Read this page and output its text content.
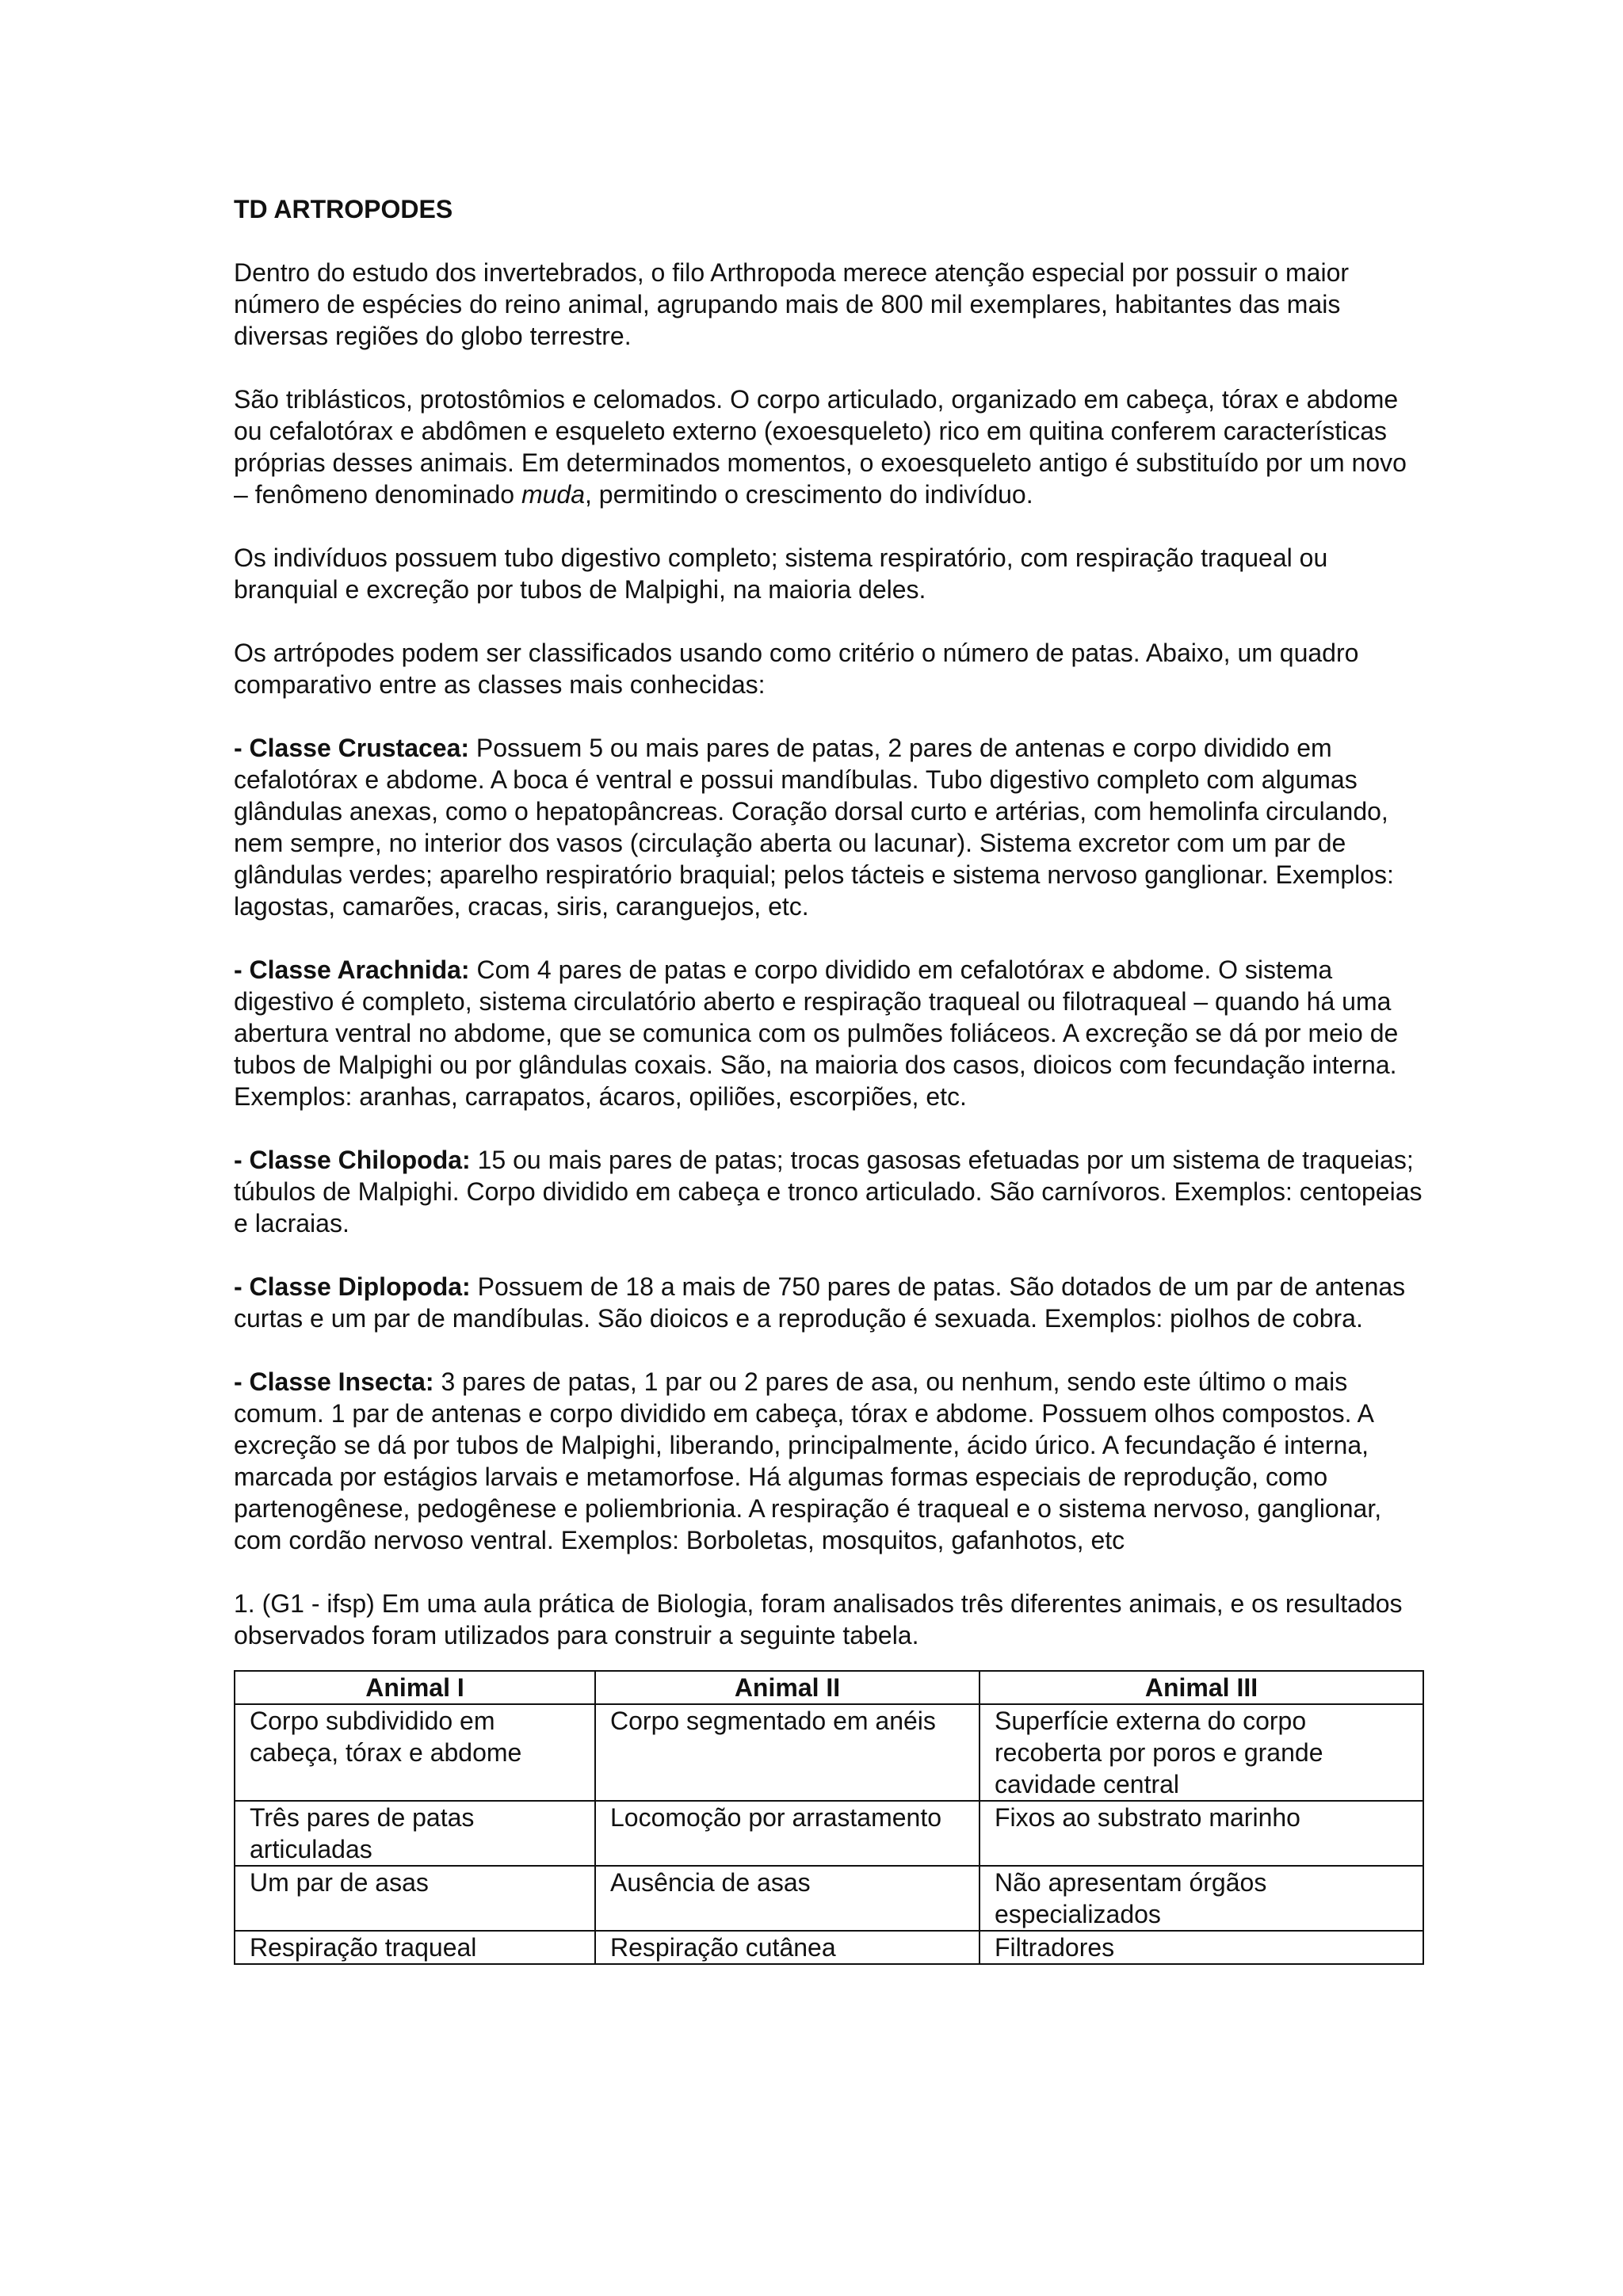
TD ARTROPODES

Dentro do estudo dos invertebrados, o filo Arthropoda merece atenção especial por possuir o maior número de espécies do reino animal, agrupando mais de 800 mil exemplares, habitantes das mais diversas regiões do globo terrestre.

São triblásticos, protostômios e celomados. O corpo articulado, organizado em cabeça, tórax e abdome ou cefalotórax e abdômen e esqueleto externo (exoesqueleto) rico em quitina conferem características próprias desses animais. Em determinados momentos, o exoesqueleto antigo é substituído por um novo – fenômeno denominado muda, permitindo o crescimento do indivíduo.

Os indivíduos possuem tubo digestivo completo; sistema respiratório, com respiração traqueal ou branquial e excreção por tubos de Malpighi, na maioria deles.

Os artrópodes podem ser classificados usando como critério o número de patas. Abaixo, um quadro comparativo entre as classes mais conhecidas:

- Classe Crustacea: Possuem 5 ou mais pares de patas, 2 pares de antenas e corpo dividido em cefalotórax e abdome. A boca é ventral e possui mandíbulas. Tubo digestivo completo com algumas glândulas anexas, como o hepatopâncreas. Coração dorsal curto e artérias, com hemolinfa circulando, nem sempre, no interior dos vasos (circulação aberta ou lacunar). Sistema excretor com um par de glândulas verdes; aparelho respiratório braquial; pelos tácteis e sistema nervoso ganglionar. Exemplos: lagostas, camarões, cracas, siris, caranguejos, etc.

- Classe Arachnida: Com 4 pares de patas e corpo dividido em cefalotórax e abdome. O sistema digestivo é completo, sistema circulatório aberto e respiração traqueal ou filotraqueal – quando há uma abertura ventral no abdome, que se comunica com os pulmões foliáceos. A excreção se dá por meio de tubos de Malpighi ou por glândulas coxais. São, na maioria dos casos, dioicos com fecundação interna. Exemplos: aranhas, carrapatos, ácaros, opiliões, escorpiões, etc.

- Classe Chilopoda: 15 ou mais pares de patas; trocas gasosas efetuadas por um sistema de traqueias; túbulos de Malpighi. Corpo dividido em cabeça e tronco articulado. São carnívoros. Exemplos: centopeias e lacraias.

- Classe Diplopoda: Possuem de 18 a mais de 750 pares de patas. São dotados de um par de antenas curtas e um par de mandíbulas. São dioicos e a reprodução é sexuada. Exemplos: piolhos de cobra.

- Classe Insecta: 3 pares de patas, 1 par ou 2 pares de asa, ou nenhum, sendo este último o mais comum. 1 par de antenas e corpo dividido em cabeça, tórax e abdome. Possuem olhos compostos. A excreção se dá por tubos de Malpighi, liberando, principalmente, ácido úrico. A fecundação é interna, marcada por estágios larvais e metamorfose. Há algumas formas especiais de reprodução, como partenogênese, pedogênese e poliembrionia. A respiração é traqueal e o sistema nervoso, ganglionar, com cordão nervoso ventral. Exemplos: Borboletas, mosquitos, gafanhotos, etc

1. (G1 - ifsp) Em uma aula prática de Biologia, foram analisados três diferentes animais, e os resultados observados foram utilizados para construir a seguinte tabela.

Animal I	Animal II	Animal III
Corpo subdividido em cabeça, tórax e abdome	Corpo segmentado em anéis	Superfície externa do corpo recoberta por poros e grande cavidade central
Três pares de patas articuladas	Locomoção por arrastamento	Fixos ao substrato marinho
Um par de asas	Ausência de asas	Não apresentam órgãos especializados
Respiração traqueal	Respiração cutânea	Filtradores
